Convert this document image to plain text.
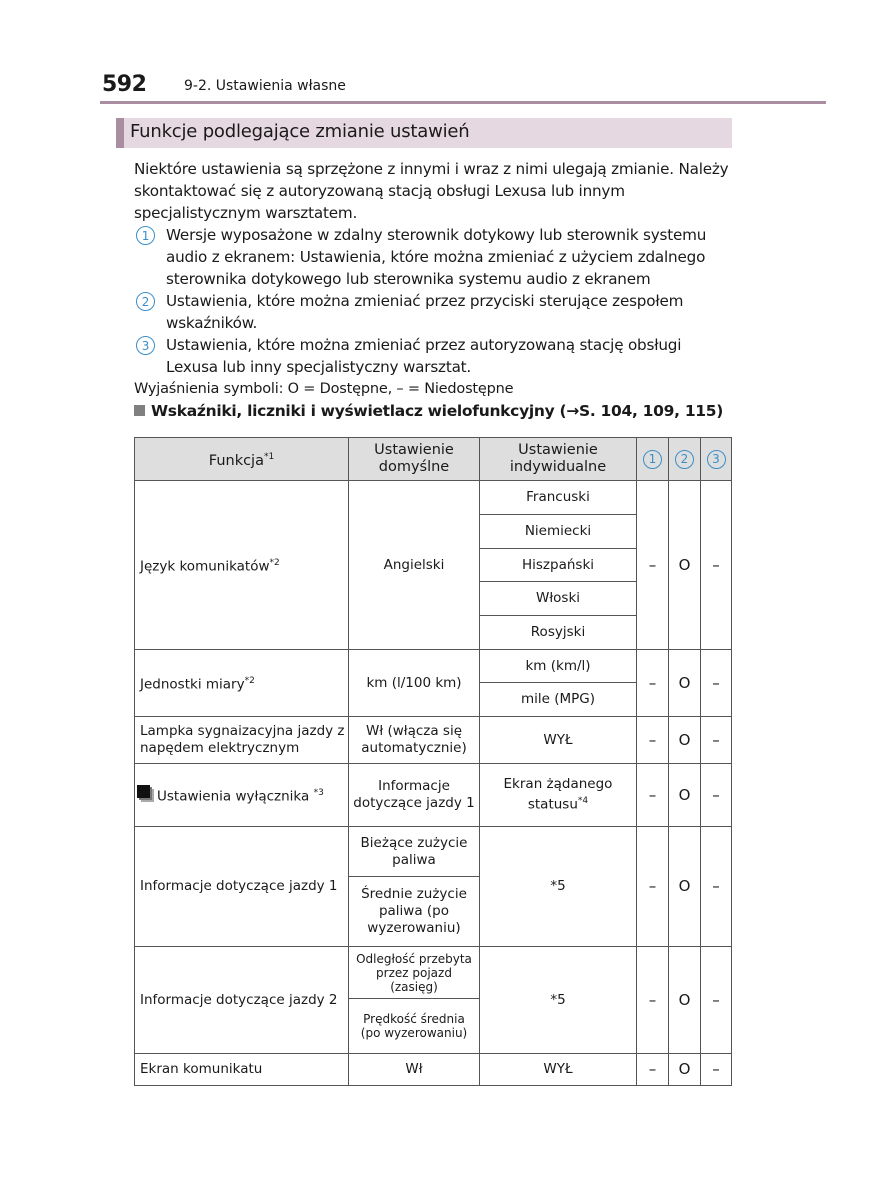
592	9-2. Ustawienia własne
Funkcje podlegające zmianie ustawień

Niektóre ustawienia są sprzężone z innymi i wraz z nimi ulegają zmianie. Należy skontaktować się z autoryzowaną stacją obsługi Lexusa lub innym specjalistycznym warsztatem.

1	Wersje wyposażone w zdalny sterownik dotykowy lub sterownik systemu audio z ekranem: Ustawienia, które można zmieniać z użyciem zdalnego sterownika dotykowego lub sterownika systemu audio z ekranem

2	Ustawienia, które można zmieniać przez przyciski sterujące zespołem wskaźników.

3	Ustawienia, które można zmieniać przez autoryzowaną stację obsługi Lexusa lub inny specjalistyczny warsztat.

Wyjaśnienia symboli: O = Dostępne, – = Niedostępne

Wskaźniki, liczniki i wyświetlacz wielofunkcyjny (→S. 104, 109, 115)

Funkcja$^{*1}$	Ustawienie domyślne	Ustawienie indywidualne	1	2	3
Język komunikatów$^{*2}$	Angielski	Francuski	–	O	–
		Niemiecki			
		Hiszpański			
		Włoski			
		Rosyjski			
Jednostki miary$^{*2}$	km (l/100 km)	km (km/l)	–	O	–
		mile (MPG)			
Lampka sygnaizacyjna jazdy z napędem elektrycznym	Wł (włącza się automatycznie)	WYŁ	–	O	–

Ustawienia wyłącznika $^{*3}$	Informacje dotyczące jazdy 1	Ekran żądanego statusu$^{*4}$	–	O	–
Informacje dotyczące jazdy 1	Bieżące zużycie paliwa	*5	–	O	–
	Średnie zużycie paliwa (po wyzerowaniu)				
Informacje dotyczące jazdy 2	Odległość przebyta przez pojazd (zasięg)	*5	–	O	–
	Prędkość średnia (po wyzerowaniu)				
Ekran komunikatu	Wł	WYŁ	–	O	–
